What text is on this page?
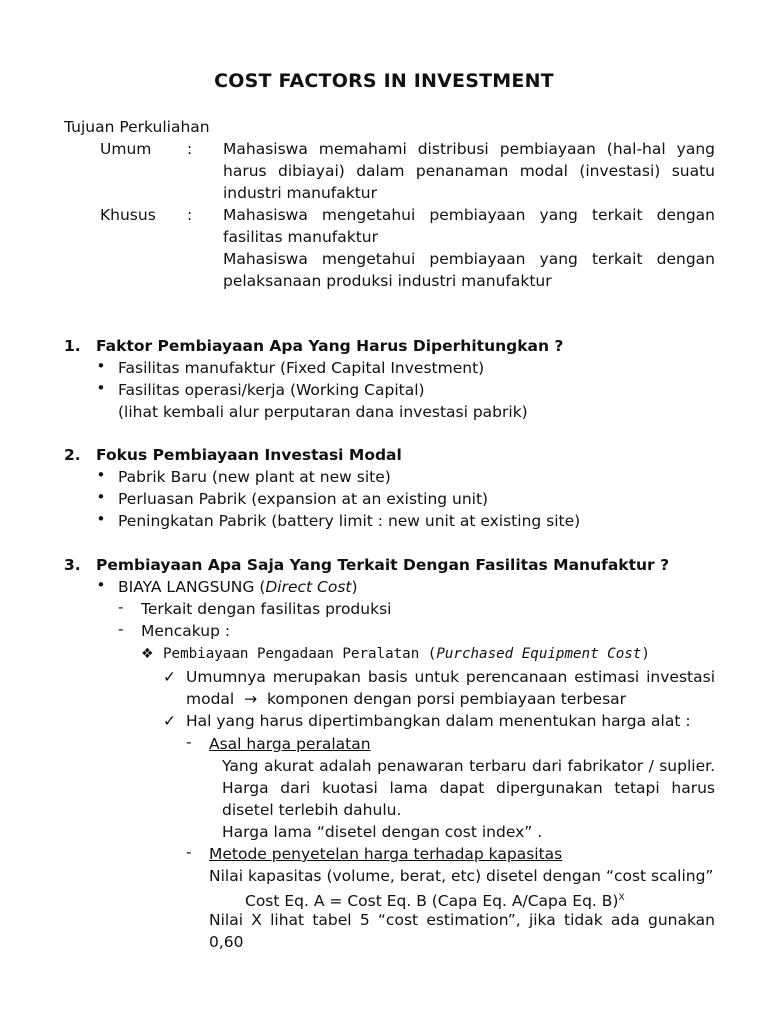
COST FACTORS IN INVESTMENT
Tujuan Perkuliahan
Umum : Mahasiswa memahami distribusi pembiayaan (hal-hal yang
harus dibiayai) dalam penanaman modal (investasi) suatu
industri manufaktur
Khusus : Mahasiswa mengetahui pembiayaan yang terkait dengan
fasilitas manufaktur
Mahasiswa mengetahui pembiayaan yang terkait dengan
pelaksanaan produksi industri manufaktur
1. Faktor Pembiayaan Apa Yang Harus Diperhitungkan ?
• Fasilitas manufaktur (Fixed Capital Investment)
• Fasilitas operasi/kerja (Working Capital)
(lihat kembali alur perputaran dana investasi pabrik)
2. Fokus Pembiayaan Investasi Modal
• Pabrik Baru (new plant at new site)
• Perluasan Pabrik (expansion at an existing unit)
• Peningkatan Pabrik (battery limit : new unit at existing site)
3. Pembiayaan Apa Saja Yang Terkait Dengan Fasilitas Manufaktur ?
• BIAYA LANGSUNG (Direct Cost)
- Terkait dengan fasilitas produksi
- Mencakup :
❖ Pembiayaan Pengadaan Peralatan (Purchased Equipment Cost)
✓ Umumnya merupakan basis untuk perencanaan estimasi investasi
modal → komponen dengan porsi pembiayaan terbesar
✓ Hal yang harus dipertimbangkan dalam menentukan harga alat :
- Asal harga peralatan
Yang akurat adalah penawaran terbaru dari fabrikator / suplier.
Harga dari kuotasi lama dapat dipergunakan tetapi harus
disetel terlebih dahulu.
Harga lama “disetel dengan cost index” .
- Metode penyetelan harga terhadap kapasitas
Nilai kapasitas (volume, berat, etc) disetel dengan “cost scaling”
Cost Eq. A = Cost Eq. B (Capa Eq. A/Capa Eq. B)$^X$
Nilai X lihat tabel 5 “cost estimation”, jika tidak ada gunakan
0,60
